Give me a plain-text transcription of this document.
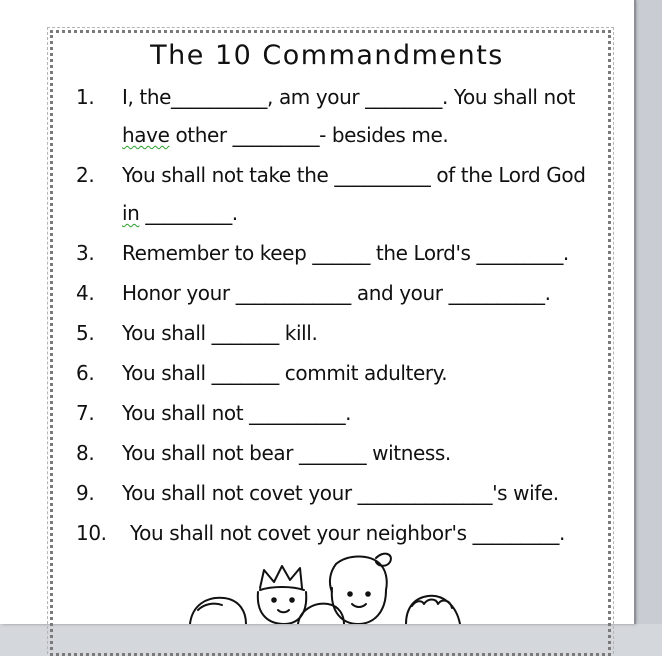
The 10 Commandments
1. I, the__________, am your ________. You shall not
have other _________- besides me.
2. You shall not take the __________ of the Lord God
in _________.
3. Remember to keep ______ the Lord's _________.
4. Honor your ____________ and your __________.
5. You shall _______ kill.
6. You shall _______ commit adultery.
7. You shall not __________.
8. You shall not bear _______ witness.
9. You shall not covet your ______________'s wife.
10. You shall not covet your neighbor's _________.
